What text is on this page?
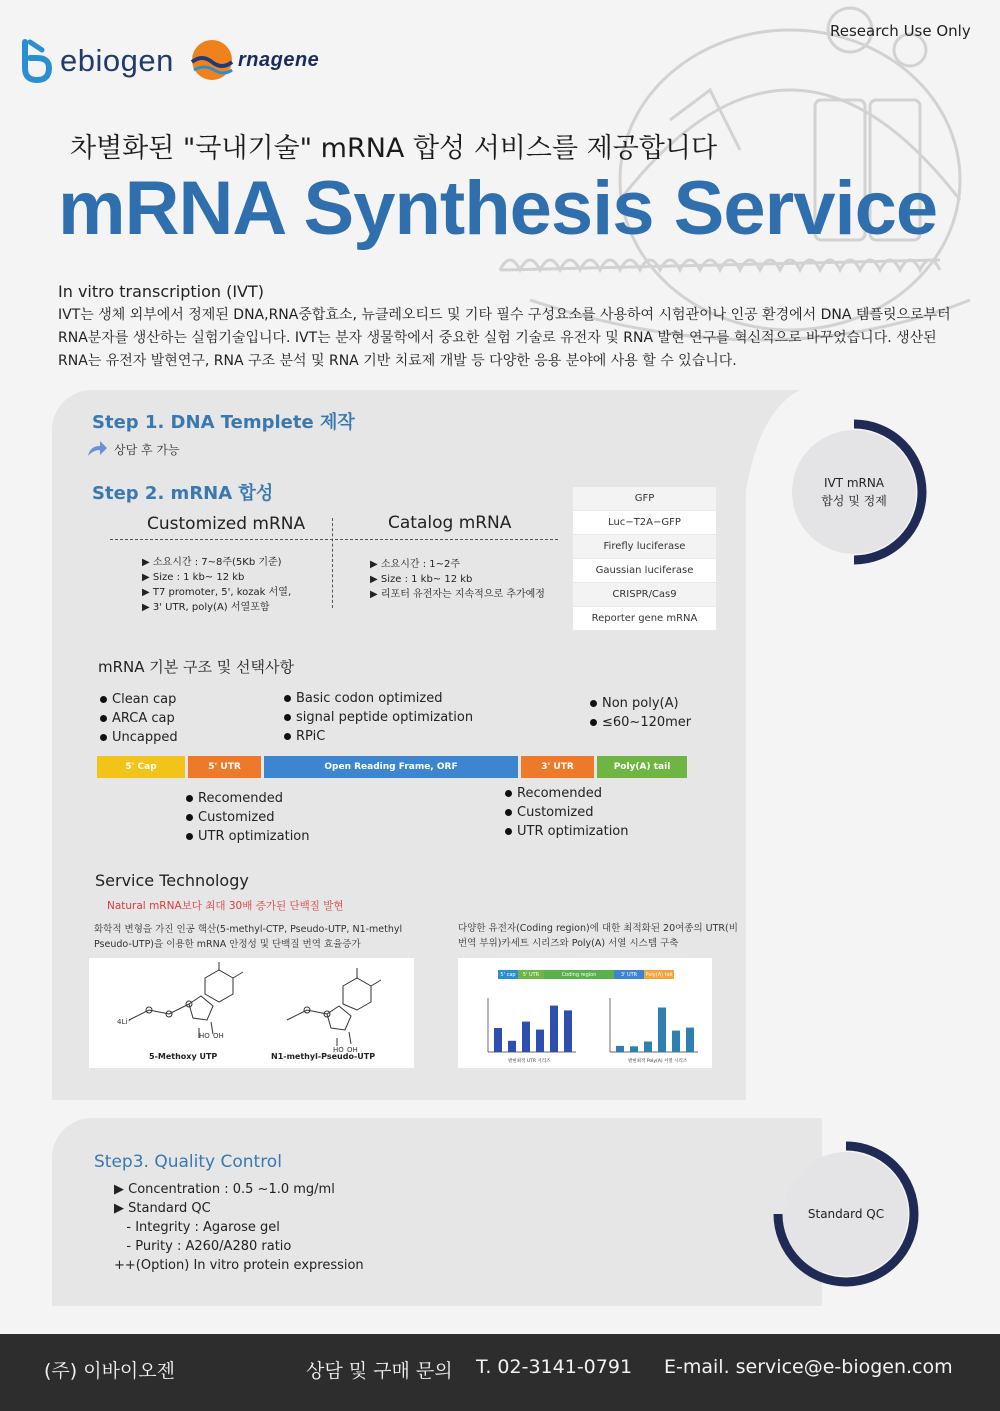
Research Use Only
ebiogen	rnagene
차별화된 "국내기술" mRNA 합성 서비스를 제공합니다
mRNA Synthesis Service
In vitro transcription (IVT)
IVT는 생체 외부에서 정제된 DNA,RNA중합효소, 뉴클레오티드 및 기타 필수 구성요소를 사용하여 시험관이나 인공 환경에서 DNA 템플릿으로부터 RNA분자를 생산하는 실험기술입니다. IVT는 분자 생물학에서 중요한 실험 기술로 유전자 및 RNA 발현 연구를 혁신적으로 바꾸었습니다. 생산된 RNA는 유전자 발현연구, RNA 구조 분석 및 RNA 기반 치료제 개발 등 다양한 응용 분야에 사용 할 수 있습니다.
Step 1. DNA Templete 제작
상담 후 가능
Step 2. mRNA 합성
Customized mRNA	Catalog mRNA
▶ 소요시간 : 7~8주(5Kb 기준)
▶ Size : 1 kb~ 12 kb
▶ T7 promoter, 5', kozak 서열,
▶ 3' UTR, poly(A) 서열포함
▶ 소요시간 : 1~2주
▶ Size : 1 kb~ 12 kb
▶ 리포터 유전자는 지속적으로 추가예정
GFP
Luc−T2A−GFP
Firefly luciferase
Gaussian luciferase
CRISPR/Cas9
Reporter gene mRNA
IVT mRNA
합성 및 정제
mRNA 기본 구조 및 선택사항
Clean cap
ARCA cap
Uncapped
Basic codon optimized
signal peptide optimization
RPiC
Non poly(A)
≤60~120mer
5' Cap	5' UTR	Open Reading Frame, ORF	3' UTR	Poly(A) tail
Recomended
Customized
UTR optimization
Recomended
Customized
UTR optimization
Service Technology
Natural mRNA보다 최대 30배 증가된 단백질 발현
화학적 변형을 가진 인공 핵산(5-methyl-CTP, Pseudo-UTP, N1-methyl Pseudo-UTP)을 이용한 mRNA 안정성 및 단백질 번역 효율증가
다양한 유전자(Coding region)에 대한 최적화된 20여종의 UTR(비번역 부위)카세트 시리즈와 Poly(A) 서열 시스템 구축
4Li⁺
HO OH
HO OH
5-Methoxy UTP	N1-methyl-Pseudo-UTP
5' cap	5' UTR	Coding region	3' UTR	Poly(A) tail
발현최적 UTR 시리즈	발현최적 Poly(A) 서열 시리즈
Step3. Quality Control
▶ Concentration : 0.5 ~1.0 mg/ml
▶ Standard QC
- Integrity : Agarose gel
- Purity : A260/A280 ratio
++(Option) In vitro protein expression
Standard QC
(주) 이바이오젠	상담 및 구매 문의 T. 02-3141-0791 E-mail. service@e-biogen.com
